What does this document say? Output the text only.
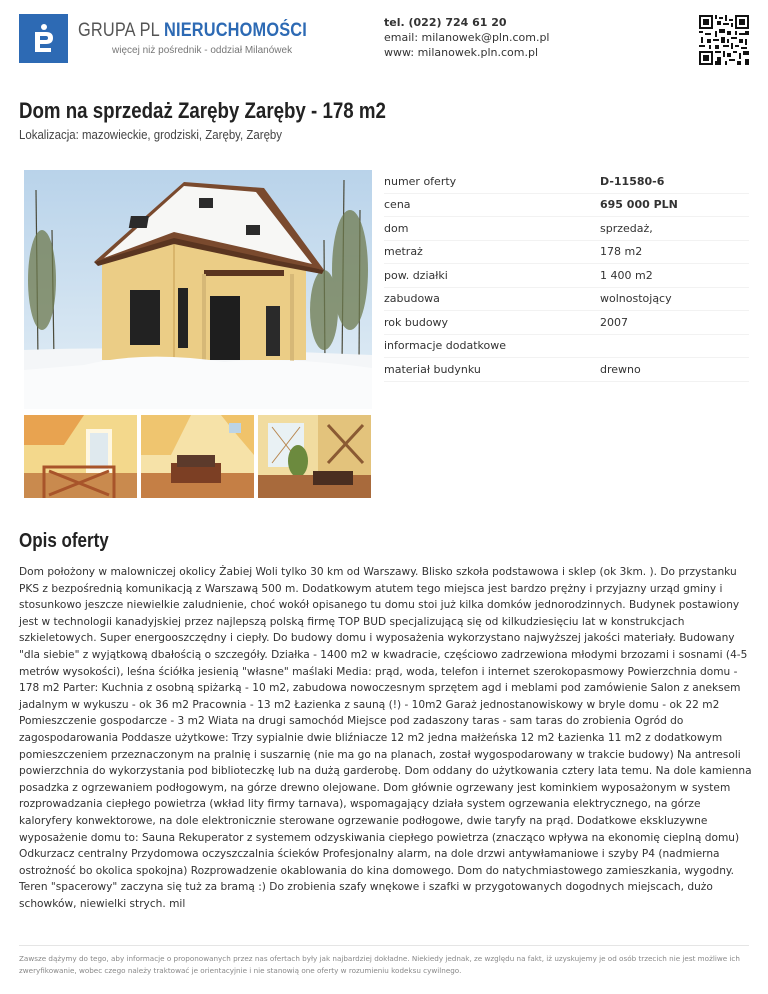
GRUPA PL NIERUCHOMOŚCI
więcej niż pośrednik - oddział Milanówek
tel. (022) 724 61 20
email: milanowek@pln.com.pl
www: milanowek.pln.com.pl
Dom na sprzedaż Zaręby Zaręby - 178 m2
Lokalizacja: mazowieckie, grodziski, Zaręby, Zaręby
numer oferty	D-11580-6
cena	695 000 PLN
dom	sprzedaż,
metraż	178 m2
pow. działki	1 400 m2
zabudowa	wolnostojący
rok budowy	2007
informacje dodatkowe
materiał budynku	drewno
Opis oferty

Dom położony w malowniczej okolicy Żabiej Woli tylko 30 km od Warszawy. Blisko szkoła podstawowa i sklep (ok 3km. ). Do przystanku PKS z bezpośrednią komunikacją z Warszawą 500 m. Dodatkowym atutem tego miejsca jest bardzo prężny i przyjazny urząd gminy i stosunkowo jeszcze niewielkie zaludnienie, choć wokół opisanego tu domu stoi już kilka domków jednorodzinnych. Budynek postawiony jest w technologii kanadyjskiej przez najlepszą polską firmę TOP BUD specjalizującą się od kilkudziesięciu lat w konstrukcjach szkieletowych. Super energooszczędny i ciepły. Do budowy domu i wyposażenia wykorzystano najwyższej jakości materiały. Budowany "dla siebie" z wyjątkową dbałością o szczegóły. Działka - 1400 m2 w kwadracie, częściowo zadrzewiona młodymi brzozami i sosnami (4-5 metrów wysokości), leśna ściółka jesienią "własne" maślaki Media: prąd, woda, telefon i internet szerokopasmowy Powierzchnia domu - 178 m2 Parter: Kuchnia z osobną spiżarką - 10 m2, zabudowa nowoczesnym sprzętem agd i meblami pod zamówienie Salon z aneksem jadalnym w wykuszu - ok 36 m2 Pracownia - 13 m2 Łazienka z sauną (!) - 10m2 Garaż jednostanowiskowy w bryle domu - ok 22 m2 Pomieszczenie gospodarcze - 3 m2 Wiata na drugi samochód Miejsce pod zadaszony taras - sam taras do zrobienia Ogród do zagospodarowania Poddasze użytkowe: Trzy sypialnie dwie bliźniacze 12 m2 jedna małżeńska 12 m2 Łazienka 11 m2 z dodatkowym pomieszczeniem przeznaczonym na pralnię i suszarnię (nie ma go na planach, został wygospodarowany w trakcie budowy) Na antresoli powierzchnia do wykorzystania pod biblioteczkę lub na dużą garderobę. Dom oddany do użytkowania cztery lata temu. Na dole kamienna posadzka z ogrzewaniem podłogowym, na górze drewno olejowane. Dom głównie ogrzewany jest kominkiem wyposażonym w system rozprowadzania ciepłego powietrza (wkład lity firmy tarnava), wspomagający działa system ogrzewania elektrycznego, na górze kaloryfery konwektorowe, na dole elektronicznie sterowane ogrzewanie podłogowe, dwie taryfy na prąd. Dodatkowe ekskluzywne wyposażenie domu to: Sauna Rekuperator z systemem odzyskiwania ciepłego powietrza (znacząco wpływa na ekonomię cieplną domu) Odkurzacz centralny Przydomowa oczyszczalnia ścieków Profesjonalny alarm, na dole drzwi antywłamaniowe i szyby P4 (nadmierna ostrożność bo okolica spokojna) Rozprowadzenie okablowania do kina domowego. Dom do natychmiastowego zamieszkania, wygodny. Teren "spacerowy" zaczyna się tuż za bramą :) Do zrobienia szafy wnękowe i szafki w przygotowanych dogodnych miejscach, dużo schowków, niewielki strych. mil

Zawsze dążymy do tego, aby informacje o proponowanych przez nas ofertach były jak najbardziej dokładne. Niekiedy jednak, ze względu na fakt, iż uzyskujemy je od osób trzecich nie jest możliwe ich zweryfikowanie, wobec czego należy traktować je orientacyjnie i nie stanowią one oferty w rozumieniu kodeksu cywilnego.
